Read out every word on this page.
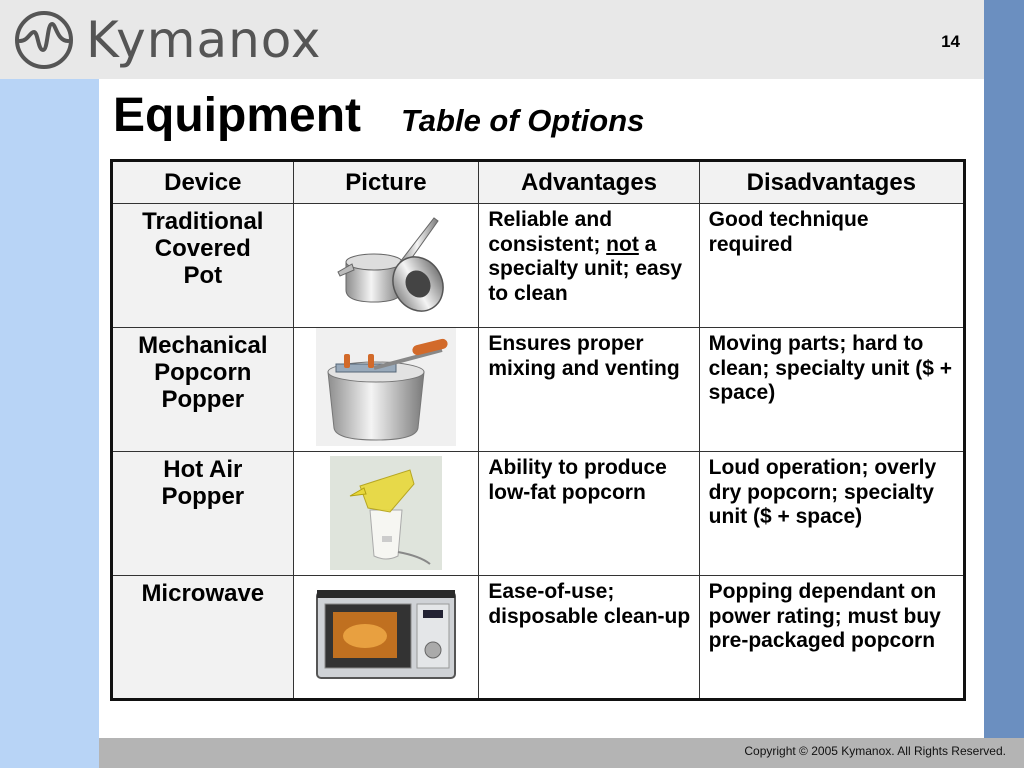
Kymanox	14
Equipment Table of Options
Device	Picture	Advantages	Disadvantages

Traditional
Covered
Pot		Reliable and consistent; not a specialty unit; easy to clean	Good technique required

Mechanical
Popcorn
Popper		Ensures proper mixing and venting	Moving parts; hard to clean; specialty unit ($ + space)

Hot Air
Popper		Ability to produce low-fat popcorn	Loud operation; overly dry popcorn; specialty unit ($ + space)

Microwave		Ease-of-use; disposable clean-up	Popping dependant on power rating; must buy pre-packaged popcorn
Copyright © 2005 Kymanox. All Rights Reserved.
